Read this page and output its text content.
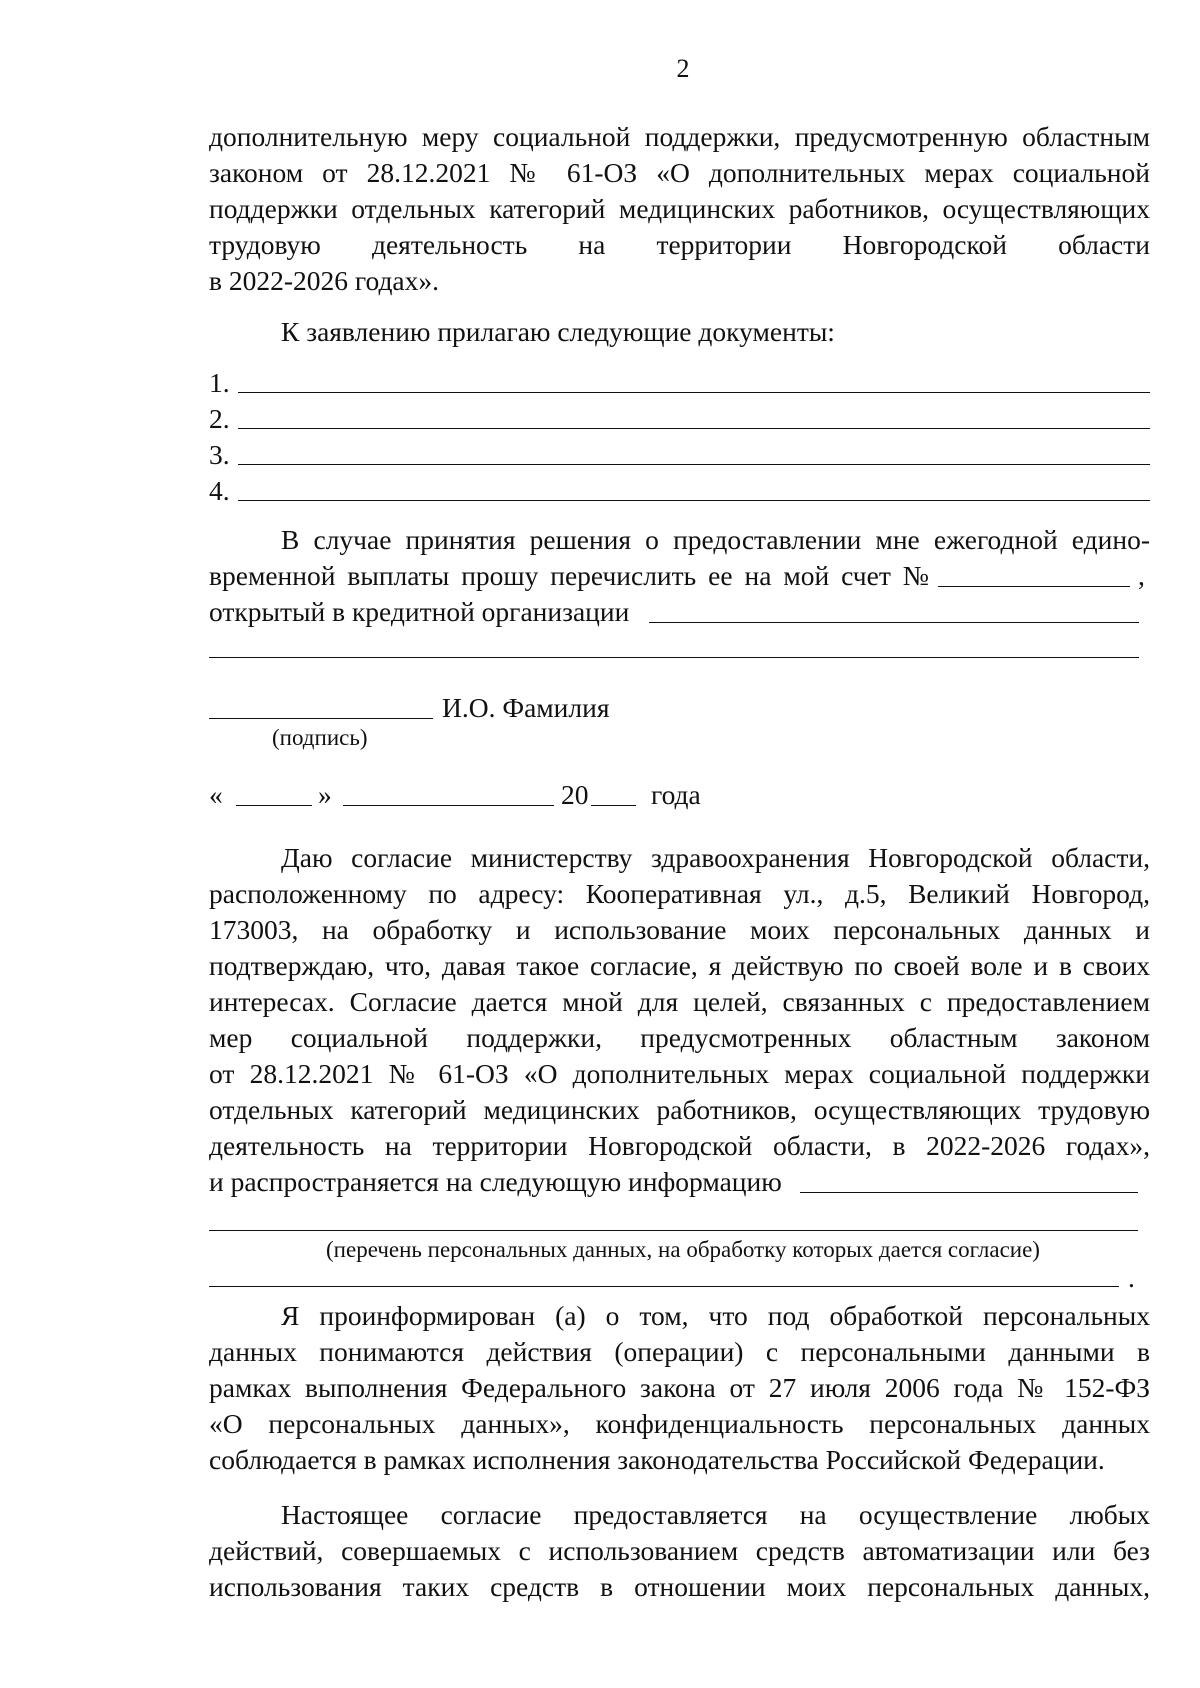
2
дополнительную меру социальной поддержки, предусмотренную областным
законом от 28.12.2021 № 61-ОЗ «О дополнительных мерах социальной
поддержки отдельных категорий медицинских работников, осуществляющих
трудовую деятельность на территории Новгородской области
в 2022-2026 годах».
К заявлению прилагаю следующие документы:
1.
2.
3.
4.
В случае принятия решения о предоставлении мне ежегодной едино-
временной выплаты прошу перечислить ее на мой счет №	,
открытый в кредитной организации
И.О. Фамилия
(подпись)
«	»	20 года
Даю согласие министерству здравоохранения Новгородской области,
расположенному по адресу: Кооперативная ул., д.5, Великий Новгород,
173003, на обработку и использование моих персональных данных и
подтверждаю, что, давая такое согласие, я действую по своей воле и в своих
интересах. Согласие дается мной для целей, связанных с предоставлением
мер социальной поддержки, предусмотренных областным законом
от 28.12.2021 № 61-ОЗ «О дополнительных мерах социальной поддержки
отдельных категорий медицинских работников, осуществляющих трудовую
деятельность на территории Новгородской области, в 2022-2026 годах»,
и распространяется на следующую информацию
(перечень персональных данных, на обработку которых дается согласие)
.
Я проинформирован (а) о том, что под обработкой персональных
данных понимаются действия (операции) с персональными данными в
рамках выполнения Федерального закона от 27 июля 2006 года № 152-ФЗ
«О персональных данных», конфиденциальность персональных данных
соблюдается в рамках исполнения законодательства Российской Федерации.
Настоящее согласие предоставляется на осуществление любых
действий, совершаемых с использованием средств автоматизации или без
использования таких средств в отношении моих персональных данных,
